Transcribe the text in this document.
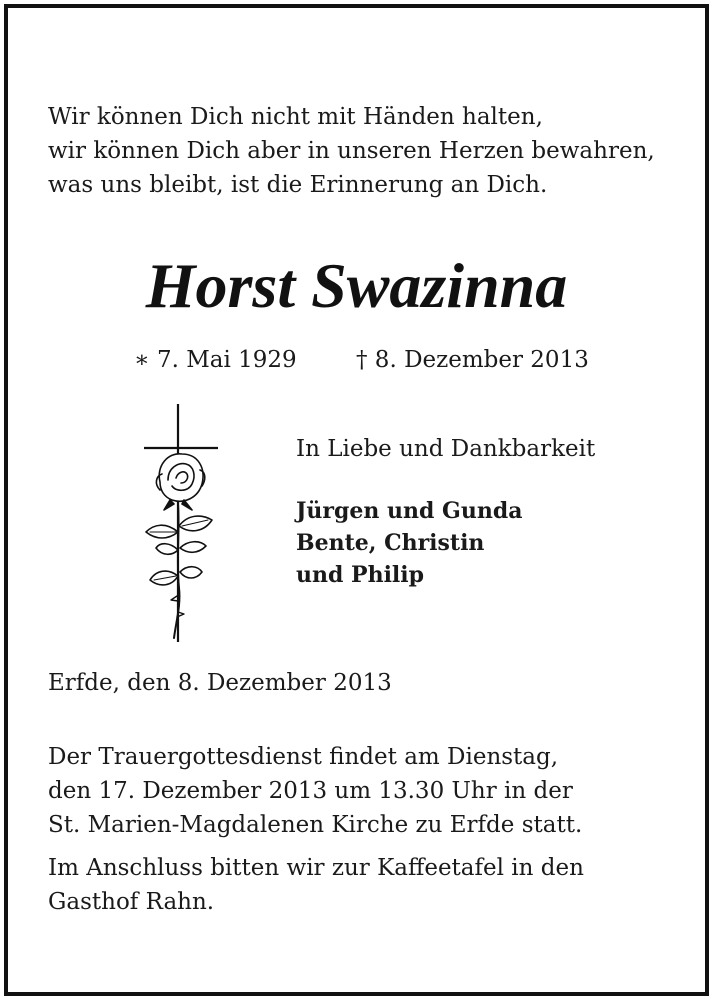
Wir können Dich nicht mit Händen halten,
wir können Dich aber in unseren Herzen bewahren,
was uns bleibt, ist die Erinnerung an Dich.
Horst Swazinna
∗ 7. Mai 1929	† 8. Dezember 2013
In Liebe und Dankbarkeit
Jürgen und Gunda
Bente, Christin
und Philip
Erfde, den 8. Dezember 2013
Der Trauergottesdienst findet am Dienstag,
den 17. Dezember 2013 um 13.30 Uhr in der
St. Marien-Magdalenen Kirche zu Erfde statt.
Im Anschluss bitten wir zur Kaffeetafel in den
Gasthof Rahn.
